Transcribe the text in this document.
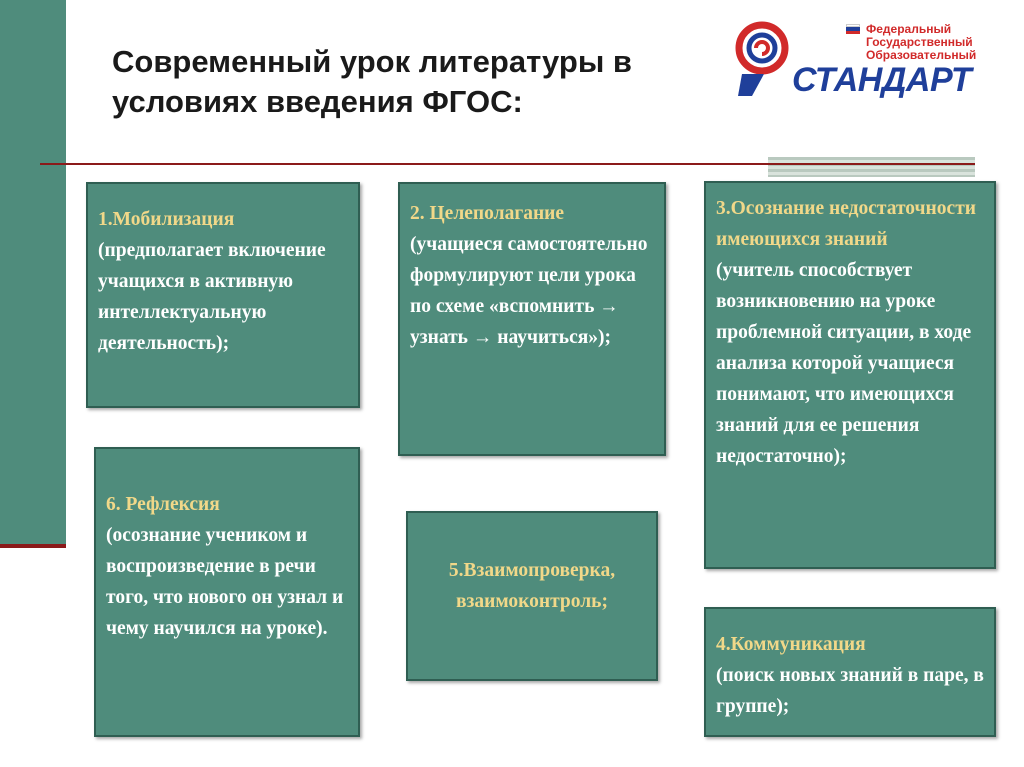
Современный урок литературы в условиях введения ФГОС:
Федеральный
Государственный
Образовательный
СТАНДАРТ
1.Мобилизация
(предполагает включение учащихся в активную интеллектуальную деятельность);
2. Целеполагание
(учащиеся самостоятельно формулируют цели урока по схеме «вспомнить → узнать → научиться»);
3.Осознание недостаточности имеющихся знаний
(учитель способствует возникновению на уроке проблемной ситуации, в ходе анализа которой учащиеся понимают, что имеющихся знаний для ее решения недостаточно);
4.Коммуникация
(поиск новых знаний в паре, в группе);
5.Взаимопроверка, взаимоконтроль;
6. Рефлексия
(осознание учеником и воспроизведение в речи того, что нового он узнал и чему научился на уроке).
